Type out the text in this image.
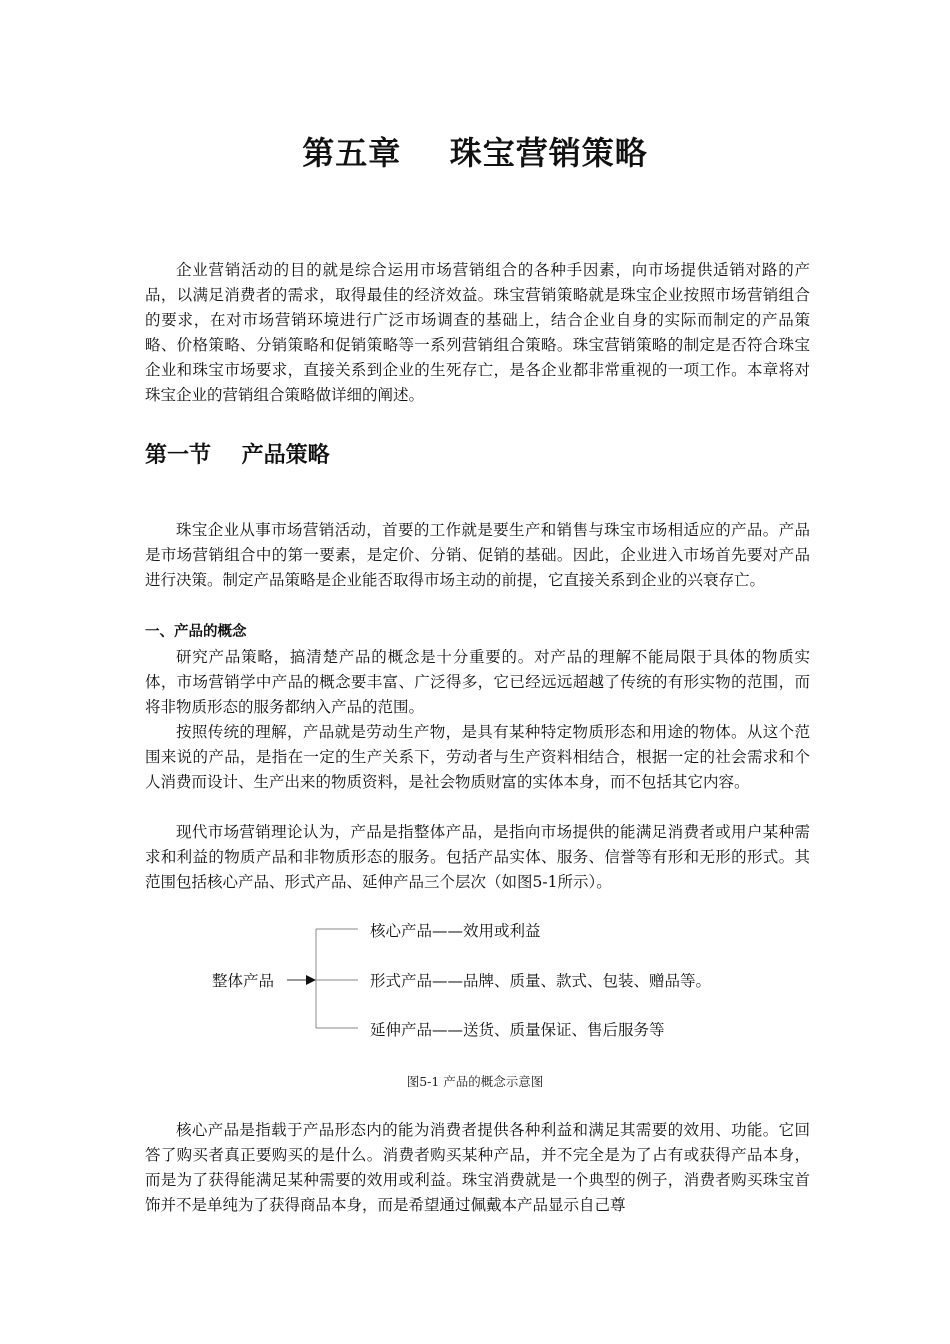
第五章    珠宝营销策略

企业营销活动的目的就是综合运用市场营销组合的各种手因素，向市场提供适销对路的产品，以满足消费者的需求，取得最佳的经济效益。珠宝营销策略就是珠宝企业按照市场营销组合的要求，在对市场营销环境进行广泛市场调查的基础上，结合企业自身的实际而制定的产品策略、价格策略、分销策略和促销策略等一系列营销组合策略。珠宝营销策略的制定是否符合珠宝企业和珠宝市场要求，直接关系到企业的生死存亡，是各企业都非常重视的一项工作。本章将对珠宝企业的营销组合策略做详细的阐述。

第一节    产品策略

珠宝企业从事市场营销活动，首要的工作就是要生产和销售与珠宝市场相适应的产品。产品是市场营销组合中的第一要素，是定价、分销、促销的基础。因此，企业进入市场首先要对产品进行决策。制定产品策略是企业能否取得市场主动的前提，它直接关系到企业的兴衰存亡。

一、产品的概念

研究产品策略，搞清楚产品的概念是十分重要的。对产品的理解不能局限于具体的物质实体，市场营销学中产品的概念要丰富、广泛得多，它已经远远超越了传统的有形实物的范围，而将非物质形态的服务都纳入产品的范围。

按照传统的理解，产品就是劳动生产物，是具有某种特定物质形态和用途的物体。从这个范围来说的产品，是指在一定的生产关系下，劳动者与生产资料相结合，根据一定的社会需求和个人消费而设计、生产出来的物质资料，是社会物质财富的实体本身，而不包括其它内容。

现代市场营销理论认为，产品是指整体产品，是指向市场提供的能满足消费者或用户某种需求和利益的物质产品和非物质形态的服务。包括产品实体、服务、信誉等有形和无形的形式。其范围包括核心产品、形式产品、延伸产品三个层次（如图5-1所示）。

整体产品
核心产品——效用或利益
形式产品——品牌、质量、款式、包装、赠品等。
延伸产品——送货、质量保证、售后服务等
图5-1 产品的概念示意图

核心产品是指载于产品形态内的能为消费者提供各种利益和满足其需要的效用、功能。它回答了购买者真正要购买的是什么。消费者购买某种产品，并不完全是为了占有或获得产品本身，而是为了获得能满足某种需要的效用或利益。珠宝消费就是一个典型的例子，消费者购买珠宝首饰并不是单纯为了获得商品本身，而是希望通过佩戴本产品显示自己尊
